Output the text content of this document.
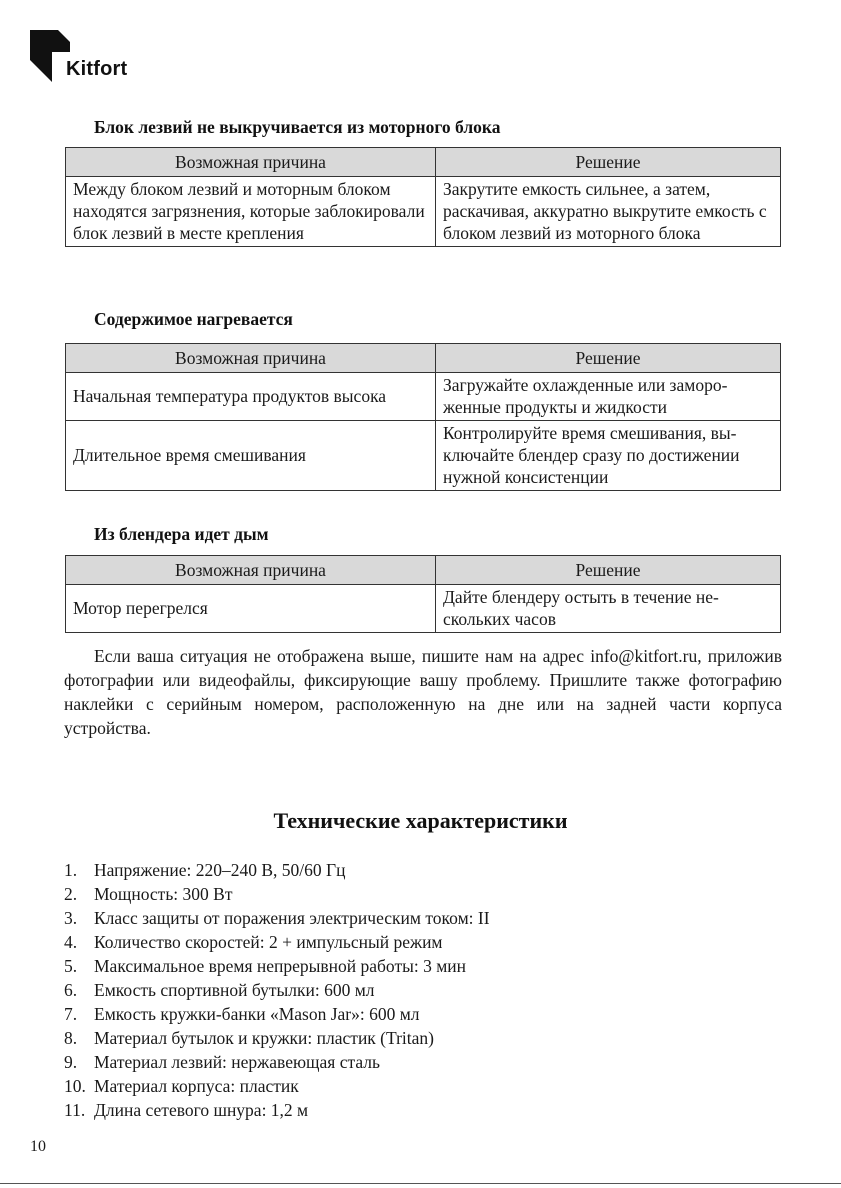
Kitfort
Блок лезвий не выкручивается из моторного блока
Возможная причина	Решение
Между блоком лезвий и моторным блоком находятся загрязнения, которые заблокировали блок лезвий в месте крепления	Закрутите емкость сильнее, а затем, раскачивая, аккуратно выкрутите емкость с блоком лезвий из моторного блока
Содержимое нагревается
Возможная причина	Решение
Начальная температура продуктов высока	Загружайте охлажденные или заморо-женные продукты и жидкости
Длительное время смешивания	Контролируйте время смешивания, вы-ключайте блендер сразу по достижении нужной консистенции
Из блендера идет дым
Возможная причина	Решение
Мотор перегрелся	Дайте блендеру остыть в течение не-скольких часов

Если ваша ситуация не отображена выше, пишите нам на адрес info@kitfort.ru, приложив фотографии или видеофайлы, фиксирующие вашу проблему. Пришлите также фотографию наклейки с серийным номером, расположенную на дне или на задней части корпуса устройства.

Технические характеристики
1. Напряжение: 220–240 В, 50/60 Гц
2. Мощность: 300 Вт
3. Класс защиты от поражения электрическим током: II
4. Количество скоростей: 2 + импульсный режим
5. Максимальное время непрерывной работы: 3 мин
6. Емкость спортивной бутылки: 600 мл
7. Емкость кружки-банки «Mason Jar»: 600 мл
8. Материал бутылок и кружки: пластик (Tritan)
9. Материал лезвий: нержавеющая сталь
10. Материал корпуса: пластик
11. Длина сетевого шнура: 1,2 м
10
